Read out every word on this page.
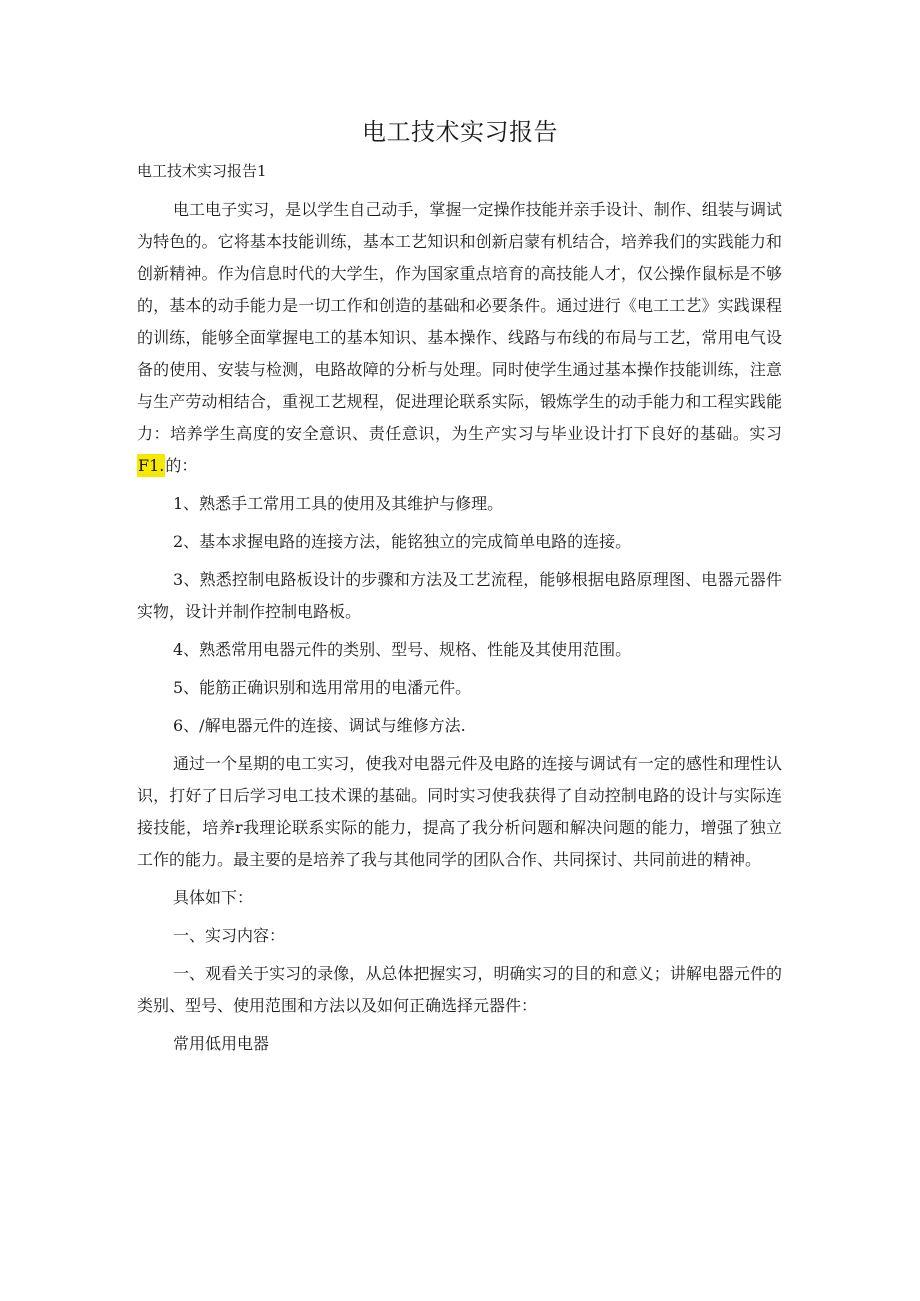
电工技术实习报告

电工技术实习报告1

电工电子实习，是以学生自己动手，掌握一定操作技能并亲手设计、制作、组装与调试为特色的。它将基本技能训练，基本工艺知识和创新启蒙有机结合，培养我们的实践能力和创新精神。作为信息时代的大学生，作为国家重点培育的高技能人才，仅公操作鼠标是不够的，基本的动手能力是一切工作和创造的基础和必要条件。通过进行《电工工艺》实践课程的训练，能够全面掌握电工的基本知识、基本操作、线路与布线的布局与工艺，常用电气设备的使用、安装与检测，电路故障的分析与处理。同时使学生通过基本操作技能训练，注意与生产劳动相结合，重视工艺规程，促进理论联系实际，锻炼学生的动手能力和工程实践能力：培养学生高度的安全意识、责任意识，为生产实习与毕业设计打下良好的基础。实习F1.的：

1、熟悉手工常用工具的使用及其维护与修理。

2、基本求握电路的连接方法，能铭独立的完成简单电路的连接。

3、熟悉控制电路板设计的步骤和方法及工艺流程，能够根据电路原理图、电器元器件实物，设计并制作控制电路板。

4、熟悉常用电器元件的类别、型号、规格、性能及其使用范围。

5、能筋正确识别和选用常用的电潘元件。

6、/解电器元件的连接、调试与维修方法.

通过一个星期的电工实习，使我对电器元件及电路的连接与调试有一定的感性和理性认识，打好了日后学习电工技术课的基础。同时实习使我获得了自动控制电路的设计与实际连接技能，培养r我理论联系实际的能力，提高了我分析问题和解决问题的能力，增强了独立工作的能力。最主要的是培养了我与其他同学的团队合作、共同探讨、共同前进的精神。

具体如下：

一、实习内容：

一、观看关于实习的录像，从总体把握实习，明确实习的目的和意义；讲解电器元件的类别、型号、使用范围和方法以及如何正确选择元器件：

常用低用电器
